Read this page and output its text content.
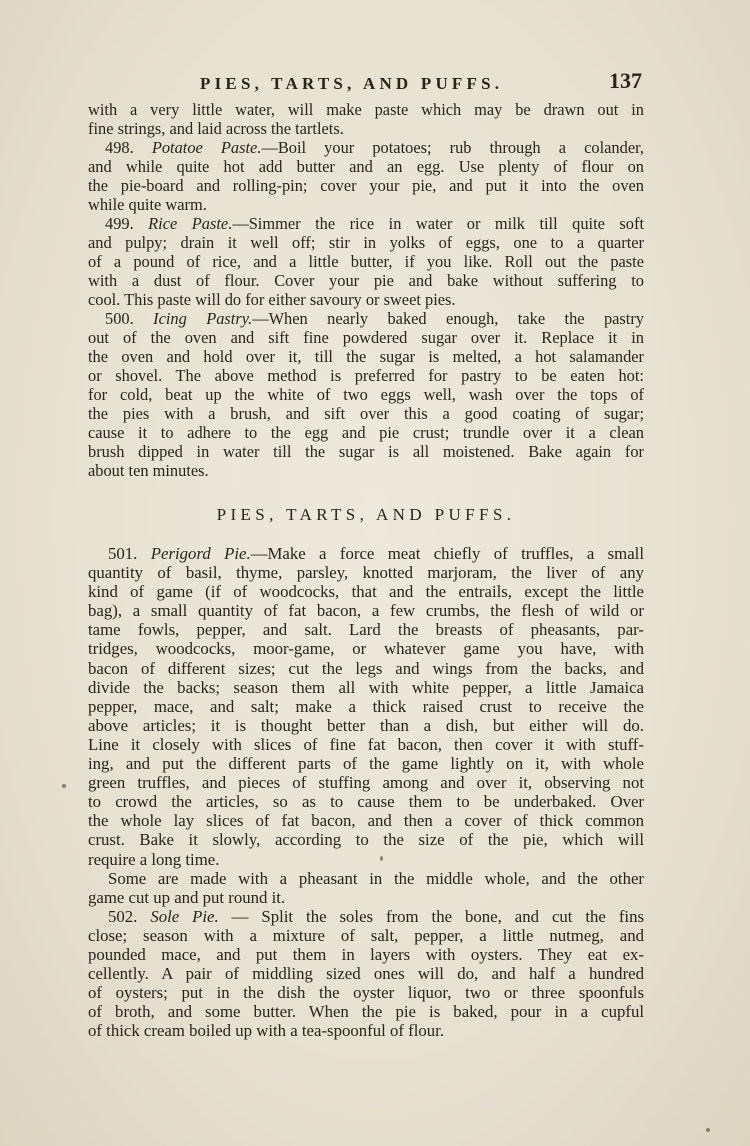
PIES, TARTS, AND PUFFS.	137
with a very little water, will make paste which may be drawn out in
fine strings, and laid across the tartlets.
498. Potatoe Paste.—Boil your potatoes; rub through a colander,
and while quite hot add butter and an egg. Use plenty of flour on
the pie-board and rolling-pin; cover your pie, and put it into the oven
while quite warm.
499. Rice Paste.—Simmer the rice in water or milk till quite soft
and pulpy; drain it well off; stir in yolks of eggs, one to a quarter
of a pound of rice, and a little butter, if you like. Roll out the paste
with a dust of flour. Cover your pie and bake without suffering to
cool. This paste will do for either savoury or sweet pies.
500. Icing Pastry.—When nearly baked enough, take the pastry
out of the oven and sift fine powdered sugar over it. Replace it in
the oven and hold over it, till the sugar is melted, a hot salamander
or shovel. The above method is preferred for pastry to be eaten hot:
for cold, beat up the white of two eggs well, wash over the tops of
the pies with a brush, and sift over this a good coating of sugar;
cause it to adhere to the egg and pie crust; trundle over it a clean
brush dipped in water till the sugar is all moistened. Bake again for
about ten minutes.
PIES, TARTS, AND PUFFS.
501. Perigord Pie.—Make a force meat chiefly of truffles, a small
quantity of basil, thyme, parsley, knotted marjoram, the liver of any
kind of game (if of woodcocks, that and the entrails, except the little
bag), a small quantity of fat bacon, a few crumbs, the flesh of wild or
tame fowls, pepper, and salt. Lard the breasts of pheasants, par-
tridges, woodcocks, moor-game, or whatever game you have, with
bacon of different sizes; cut the legs and wings from the backs, and
divide the backs; season them all with white pepper, a little Jamaica
pepper, mace, and salt; make a thick raised crust to receive the
above articles; it is thought better than a dish, but either will do.
Line it closely with slices of fine fat bacon, then cover it with stuff-
ing, and put the different parts of the game lightly on it, with whole
green truffles, and pieces of stuffing among and over it, observing not
to crowd the articles, so as to cause them to be underbaked. Over
the whole lay slices of fat bacon, and then a cover of thick common
crust. Bake it slowly, according to the size of the pie, which will
require a long time.
Some are made with a pheasant in the middle whole, and the other
game cut up and put round it.
502. Sole Pie. — Split the soles from the bone, and cut the fins
close; season with a mixture of salt, pepper, a little nutmeg, and
pounded mace, and put them in layers with oysters. They eat ex-
cellently. A pair of middling sized ones will do, and half a hundred
of oysters; put in the dish the oyster liquor, two or three spoonfuls
of broth, and some butter. When the pie is baked, pour in a cupful
of thick cream boiled up with a tea-spoonful of flour.
